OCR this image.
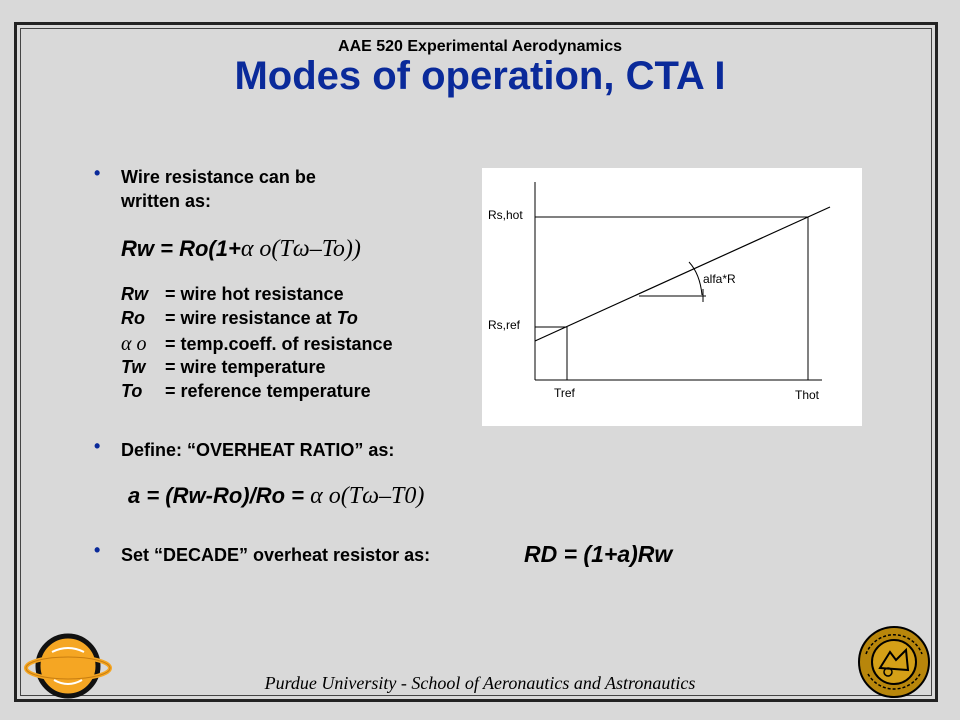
AAE 520 Experimental Aerodynamics
Modes of operation, CTA I
• Wire resistance can be
written as:
Rw = Ro(1+α o(Tω–To))
Rw = wire hot resistance
Ro = wire resistance at To
α o = temp.coeff. of resistance
Tw = wire temperature
To = reference temperature
• Define: “OVERHEAT RATIO” as:
a = (Rw-Ro)/Ro = α o(Tω–T0)
• Set “DECADE” overheat resistor as:	RD = (1+a)Rw
Rs,hot
Rs,ref
alfa*R
Tref	Thot
Purdue University - School of Aeronautics and Astronautics
